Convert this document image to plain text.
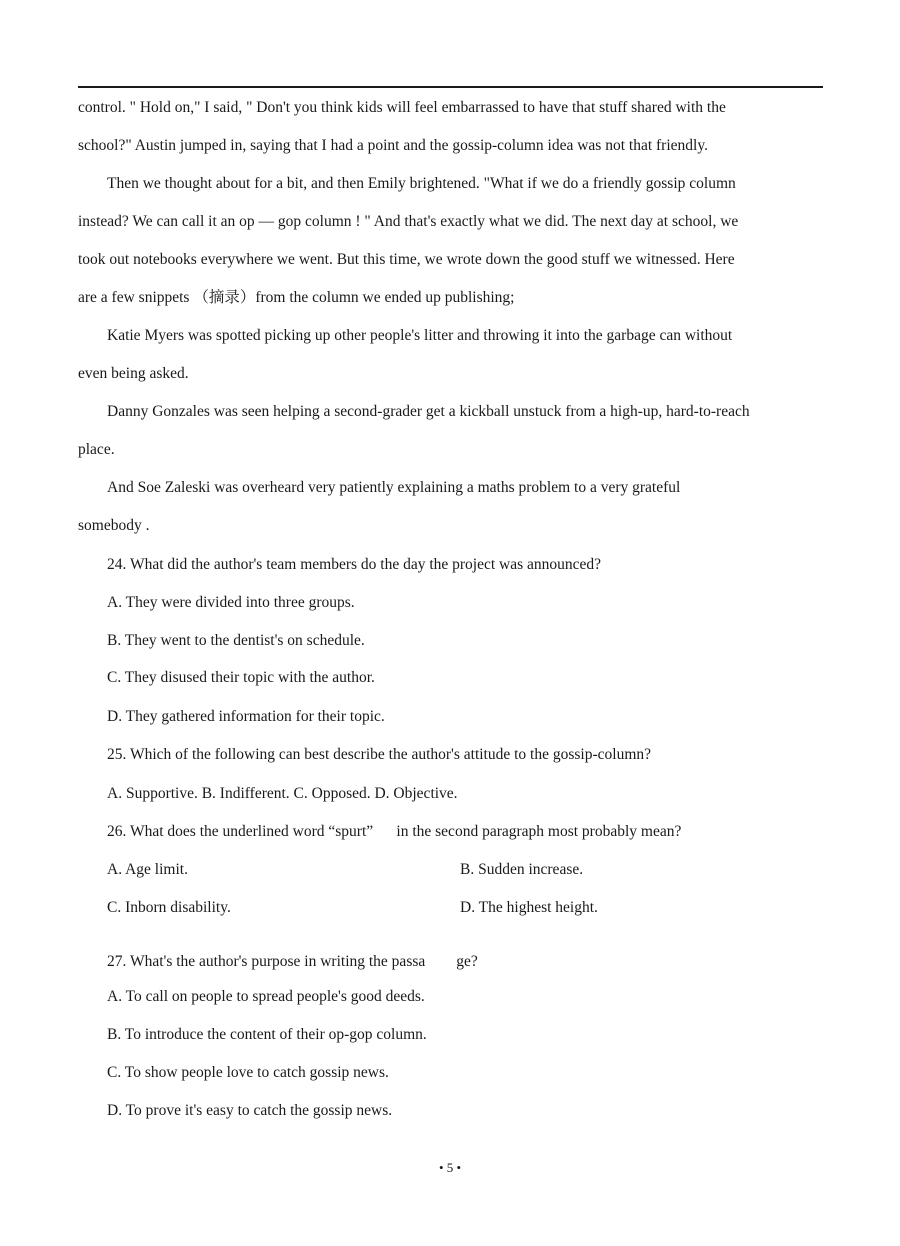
control. " Hold on," I said, " Don't you think kids will feel embarrassed to have that stuff shared with the
school?" Austin jumped in, saying that I had a point and the gossip-column idea was not that friendly.
Then we thought about for a bit, and then Emily brightened. "What if we do a friendly gossip column
instead? We can call it an op — gop column ! " And that's exactly what we did. The next day at school, we
took out notebooks everywhere we went. But this time, we wrote down the good stuff we witnessed. Here
are a few snippets （摘录）from the column we ended up publishing;
Katie Myers was spotted picking up other people's litter and throwing it into the garbage can without
even being asked.
Danny Gonzales was seen helping a second-grader get a kickball unstuck from a high-up, hard-to-reach
place.
And Soe Zaleski was overheard very patiently explaining a maths problem to a very grateful
somebody .
24. What did the author's team members do the day the project was announced?
A. They were divided into three groups.
B. They went to the dentist's on schedule.
C. They disused their topic with the author.
D. They gathered information for their topic.
25. Which of the following can best describe the author's attitude to the gossip-column?
A. Supportive. B. Indifferent. C. Opposed. D. Objective.
26. What does the underlined word “spurt”      in the second paragraph most probably mean?
A. Age limit.	B. Sudden increase.
C. Inborn disability.	D. The highest height.
27. What's the author's purpose in writing the passa        ge?
A. To call on people to spread people's good deeds.
B. To introduce the content of their op-gop column.
C. To show people love to catch gossip news.
D. To prove it's easy to catch the gossip news.
• 5 •
